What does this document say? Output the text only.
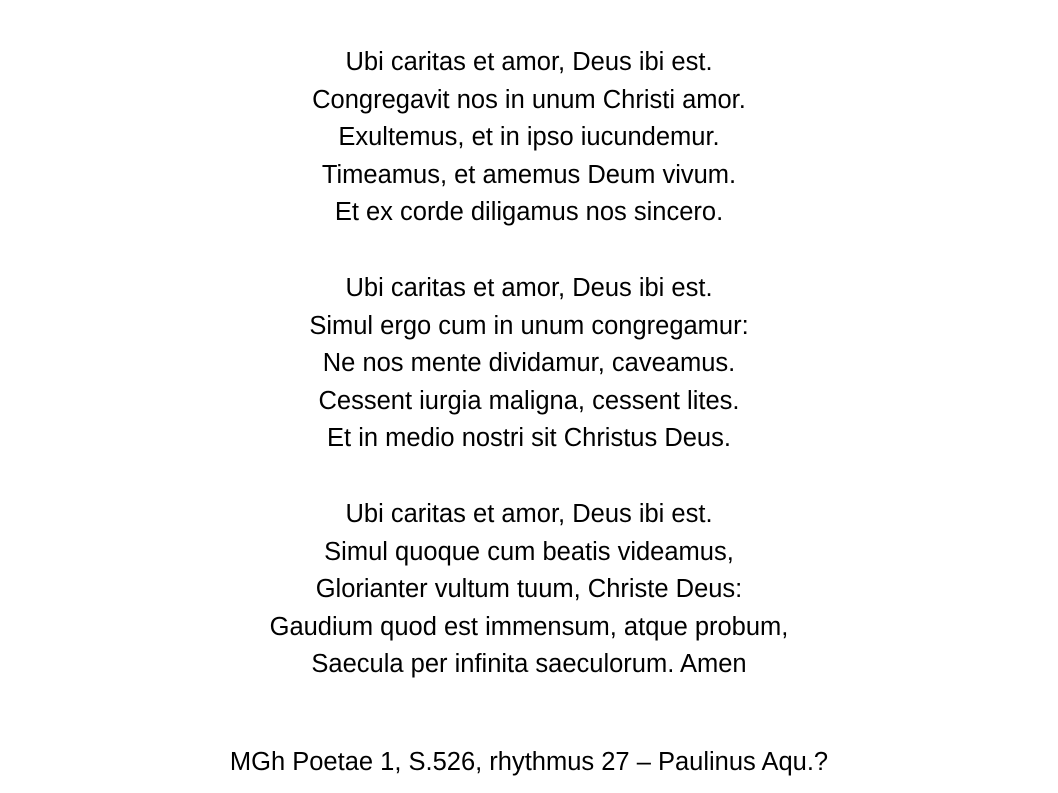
Ubi caritas et amor, Deus ibi est.
Congregavit nos in unum Christi amor.
Exultemus, et in ipso iucundemur.
Timeamus, et amemus Deum vivum.
Et ex corde diligamus nos sincero.
Ubi caritas et amor, Deus ibi est.
Simul ergo cum in unum congregamur:
Ne nos mente dividamur, caveamus.
Cessent iurgia maligna, cessent lites.
Et in medio nostri sit Christus Deus.
Ubi caritas et amor, Deus ibi est.
Simul quoque cum beatis videamus,
Glorianter vultum tuum, Christe Deus:
Gaudium quod est immensum, atque probum,
Saecula per infinita saeculorum. Amen
MGh Poetae 1, S.526, rhythmus 27 – Paulinus Aqu.?
